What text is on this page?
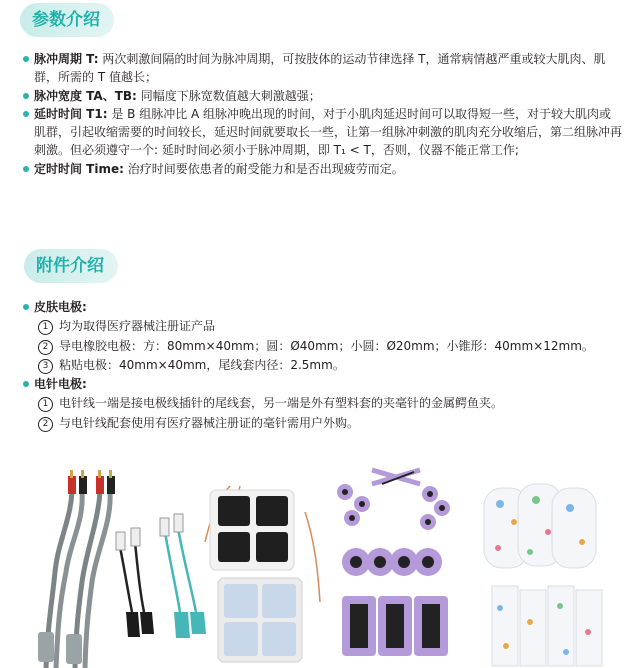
参数介绍
脉冲周期 T: 两次刺激间隔的时间为脉冲周期，可按肢体的运动节律选择 T，通常病情越严重或较大肌肉、肌群，所需的 T 值越长；
脉冲宽度 TA、TB: 同幅度下脉宽数值越大刺激越强；
延时时间 T1: 是 B 组脉冲比 A 组脉冲晚出现的时间，对于小肌肉延迟时间可以取得短一些，对于较大肌肉或肌群，引起收缩需要的时间较长，延迟时间就要取长一些，让第一组脉冲刺激的肌肉充分收缩后，第二组脉冲再刺激。但必须遵守一个: 延时时间必须小于脉冲周期，即 T₁ < T，否则，仪器不能正常工作;
定时时间 Time: 治疗时间要依患者的耐受能力和是否出现疲劳而定。
附件介绍
皮肤电极:
1 均为取得医疗器械注册证产品
2 导电橡胶电极：方：80mm×40mm；圆：Ø40mm；小圆：Ø20mm；小锥形：40mm×12mm。
3 粘贴电极：40mm×40mm，尾线套内径：2.5mm。
电针电极:
1 电针线一端是接电极线插针的尾线套，另一端是外有塑料套的夹毫针的金属鳄鱼夹。
2 与电针线配套使用有医疗器械注册证的毫针需用户外购。
